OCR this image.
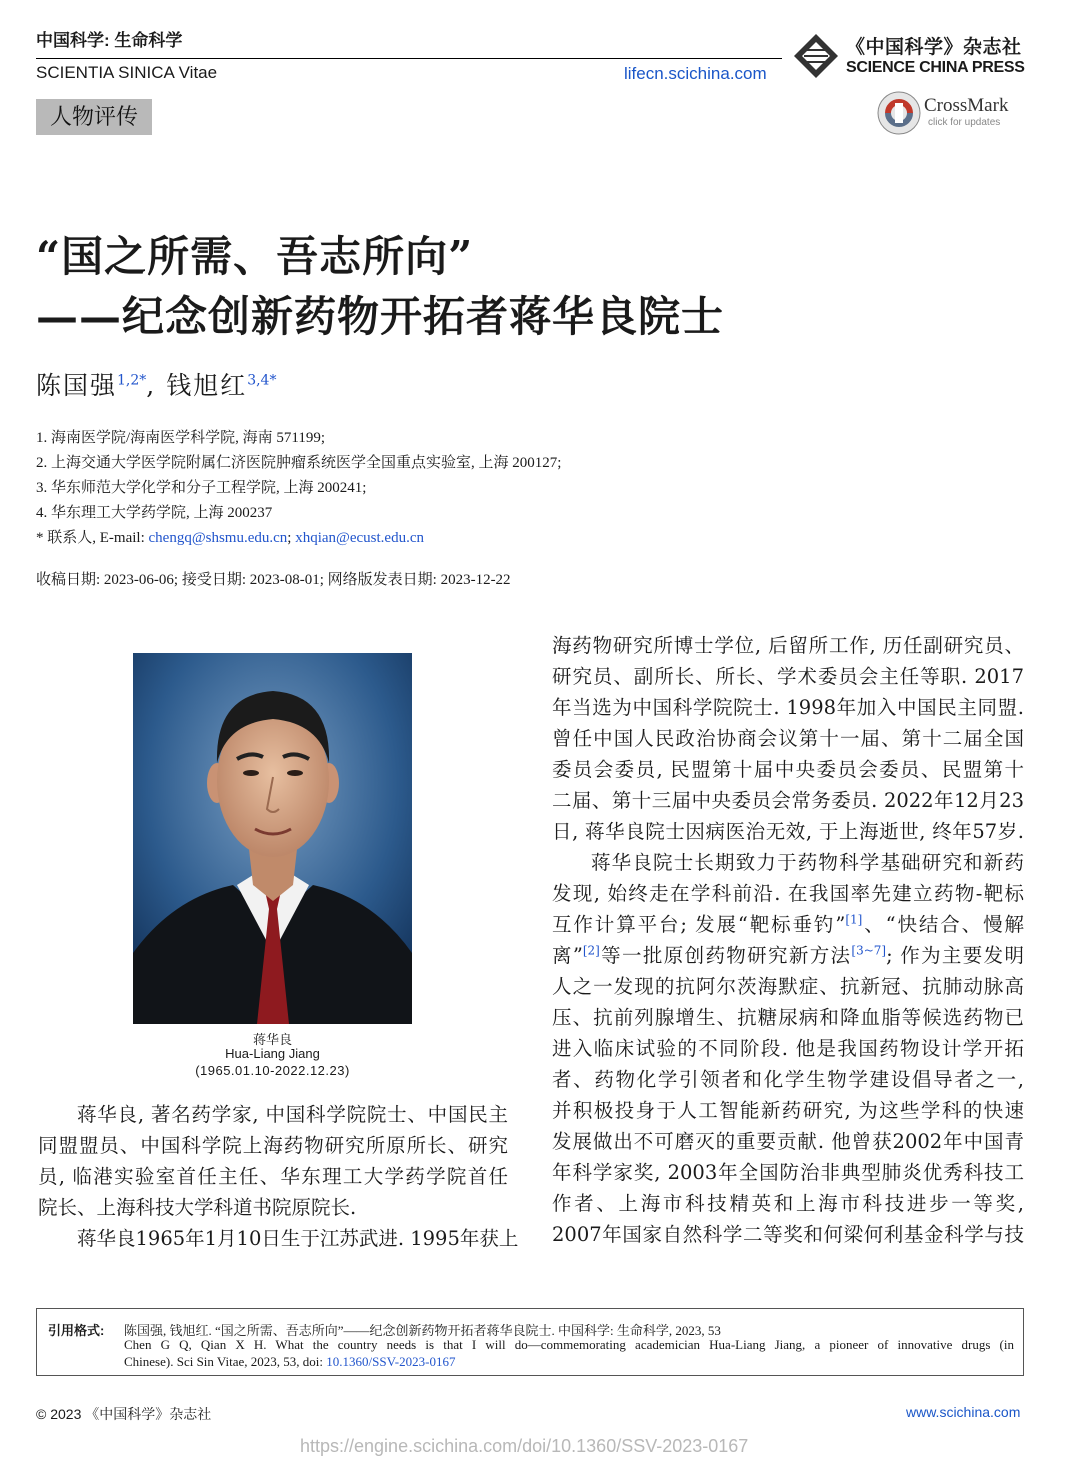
中国科学: 生命科学
SCIENTIA SINICA Vitae	lifecn.scichina.com
《中国科学》杂志社
SCIENCE CHINA PRESS
人物评传	CrossMark
click for updates
“国之所需、吾志所向”
——纪念创新药物开拓者蒋华良院士
陈国强$^{1,2*}$, 钱旭红$^{3,4*}$
1. 海南医学院/海南医学科学院, 海南 571199;
2. 上海交通大学医学院附属仁济医院肿瘤系统医学全国重点实验室, 上海 200127;
3. 华东师范大学化学和分子工程学院, 上海 200241;
4. 华东理工大学药学院, 上海 200237
* 联系人, E-mail: chengq@shsmu.edu.cn; xhqian@ecust.edu.cn
收稿日期: 2023-06-06; 接受日期: 2023-08-01; 网络版发表日期: 2023-12-22
蒋华良
Hua-Liang Jiang
(1965.01.10-2022.12.23)
蒋华良, 著名药学家, 中国科学院院士、中国民主
同盟盟员、中国科学院上海药物研究所原所长、研究
员, 临港实验室首任主任、华东理工大学药学院首任
院长、上海科技大学科道书院原院长.
蒋华良1965年1月10日生于江苏武进. 1995年获上
海药物研究所博士学位, 后留所工作, 历任副研究员、
研究员、副所长、所长、学术委员会主任等职. 2017
年当选为中国科学院院士. 1998年加入中国民主同盟.
曾任中国人民政治协商会议第十一届、第十二届全国
委员会委员, 民盟第十届中央委员会委员、民盟第十
二届、第十三届中央委员会常务委员. 2022年12月23
日, 蒋华良院士因病医治无效, 于上海逝世, 终年57岁.
蒋华良院士长期致力于药物科学基础研究和新药
发现, 始终走在学科前沿. 在我国率先建立药物-靶标
互作计算平台; 发展“靶标垂钓”[1]、“快结合、慢解
离”[2]等一批原创药物研究新方法[3~7]; 作为主要发明
人之一发现的抗阿尔茨海默症、抗新冠、抗肺动脉高
压、抗前列腺增生、抗糖尿病和降血脂等候选药物已
进入临床试验的不同阶段. 他是我国药物设计学开拓
者、药物化学引领者和化学生物学建设倡导者之一,
并积极投身于人工智能新药研究, 为这些学科的快速
发展做出不可磨灭的重要贡献. 他曾获2002年中国青
年科学家奖, 2003年全国防治非典型肺炎优秀科技工
作者、上海市科技精英和上海市科技进步一等奖,
2007年国家自然科学二等奖和何梁何利基金科学与技
引用格式: 陈国强, 钱旭红. “国之所需、吾志所向”——纪念创新药物开拓者蒋华良院士. 中国科学: 生命科学, 2023, 53
Chen G Q, Qian X H. What the country needs is that I will do—commemorating academician Hua-Liang Jiang, a pioneer of innovative drugs (in
Chinese). Sci Sin Vitae, 2023, 53, doi: 10.1360/SSV-2023-0167
© 2023 《中国科学》杂志社	www.scichina.com
https://engine.scichina.com/doi/10.1360/SSV-2023-0167
